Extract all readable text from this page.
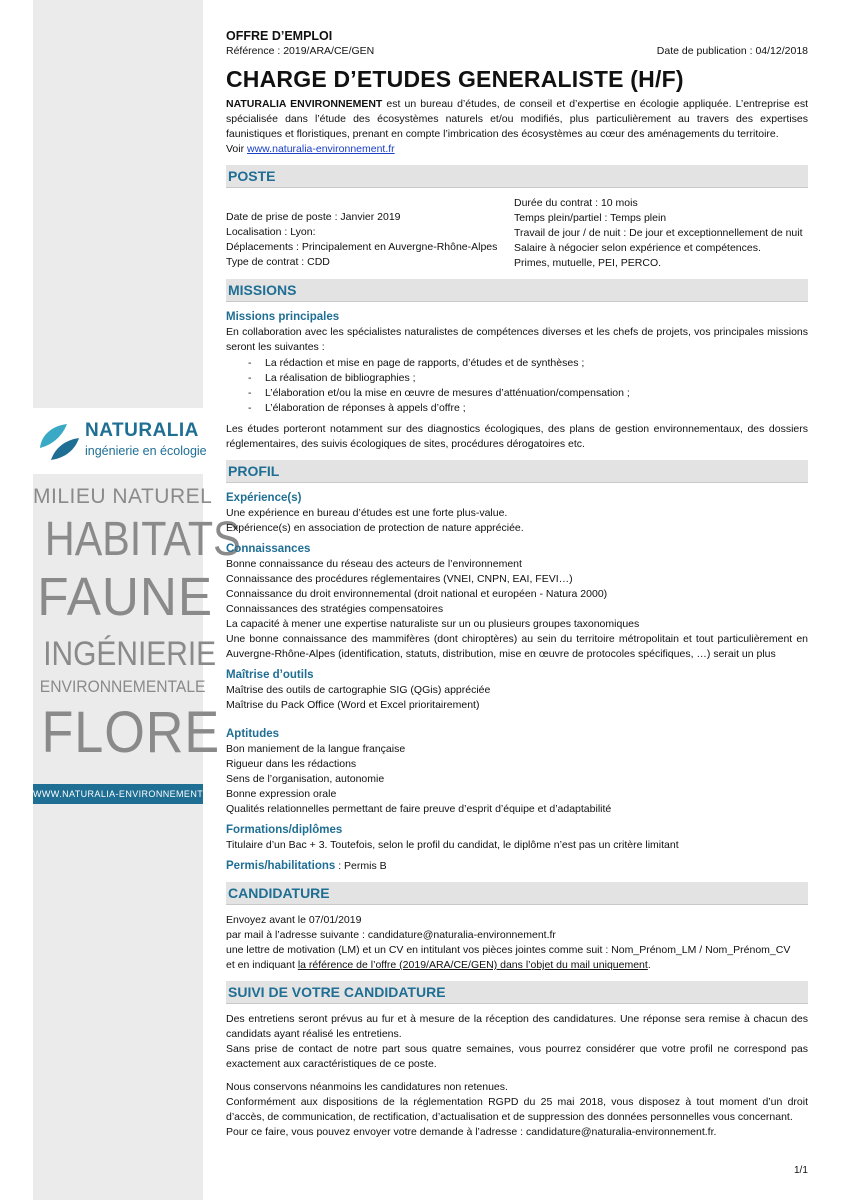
NATURALIA
ingénierie en écologie
MILIEU NATUREL
HABITATS
FAUNE
INGÉNIERIE
ENVIRONNEMENTALE
FLORE
WWW.NATURALIA-ENVIRONNEMENT.FR
OFFRE D’EMPLOI
Référence : 2019/ARA/CE/GEN	Date de publication : 04/12/2018
CHARGE D’ETUDES GENERALISTE (H/F)

NATURALIA ENVIRONNEMENT est un bureau d’études, de conseil et d’expertise en écologie appliquée. L’entreprise est spécialisée dans l’étude des écosystèmes naturels et/ou modifiés, plus particulièrement au travers des expertises faunistiques et floristiques, prenant en compte l’imbrication des écosystèmes au cœur des aménagements du territoire.

Voir www.naturalia-environnement.fr

POSTE

Date de prise de poste : Janvier 2019

Localisation : Lyon:

Déplacements : Principalement en Auvergne-Rhône-Alpes

Type de contrat : CDD

Durée du contrat : 10 mois

Temps plein/partiel : Temps plein

Travail de jour / de nuit : De jour et exceptionnellement de nuit

Salaire à négocier selon expérience et compétences.

Primes, mutuelle, PEI, PERCO.

MISSIONS
Missions principales

En collaboration avec les spécialistes naturalistes de compétences diverses et les chefs de projets, vos principales missions seront les suivantes :

- La rédaction et mise en page de rapports, d’études et de synthèses ;
- La réalisation de bibliographies ;
- L’élaboration et/ou la mise en œuvre de mesures d’atténuation/compensation ;
- L’élaboration de réponses à appels d’offre ;

Les études porteront notamment sur des diagnostics écologiques, des plans de gestion environnementaux, des dossiers réglementaires, des suivis écologiques de sites, procédures dérogatoires etc.

PROFIL
Expérience(s)

Une expérience en bureau d’études est une forte plus-value.

Expérience(s) en association de protection de nature appréciée.

Connaissances

Bonne connaissance du réseau des acteurs de l’environnement

Connaissance des procédures réglementaires (VNEI, CNPN, EAI, FEVI…)

Connaissance du droit environnemental (droit national et européen - Natura 2000)

Connaissances des stratégies compensatoires

La capacité à mener une expertise naturaliste sur un ou plusieurs groupes taxonomiques

Une bonne connaissance des mammifères (dont chiroptères) au sein du territoire métropolitain et tout particulièrement en Auvergne-Rhône-Alpes (identification, statuts, distribution, mise en œuvre de protocoles spécifiques, …) serait un plus

Maîtrise d’outils

Maîtrise des outils de cartographie SIG (QGis) appréciée

Maîtrise du Pack Office (Word et Excel prioritairement)

Aptitudes

Bon maniement de la langue française

Rigueur dans les rédactions

Sens de l’organisation, autonomie

Bonne expression orale

Qualités relationnelles permettant de faire preuve d’esprit d’équipe et d’adaptabilité

Formations/diplômes

Titulaire d’un Bac + 3. Toutefois, selon le profil du candidat, le diplôme n’est pas un critère limitant

Permis/habilitations : Permis B

CANDIDATURE

Envoyez avant le 07/01/2019

par mail à l’adresse suivante : candidature@naturalia-environnement.fr

une lettre de motivation (LM) et un CV en intitulant vos pièces jointes comme suit : Nom_Prénom_LM / Nom_Prénom_CV

et en indiquant la référence de l’offre (2019/ARA/CE/GEN) dans l’objet du mail uniquement.

SUIVI DE VOTRE CANDIDATURE

Des entretiens seront prévus au fur et à mesure de la réception des candidatures. Une réponse sera remise à chacun des candidats ayant réalisé les entretiens.

Sans prise de contact de notre part sous quatre semaines, vous pourrez considérer que votre profil ne correspond pas exactement aux caractéristiques de ce poste.

Nous conservons néanmoins les candidatures non retenues.

Conformément aux dispositions de la réglementation RGPD du 25 mai 2018, vous disposez à tout moment d’un droit d’accès, de communication, de rectification, d’actualisation et de suppression des données personnelles vous concernant.

Pour ce faire, vous pouvez envoyer votre demande à l’adresse : candidature@naturalia-environnement.fr.

1/1
